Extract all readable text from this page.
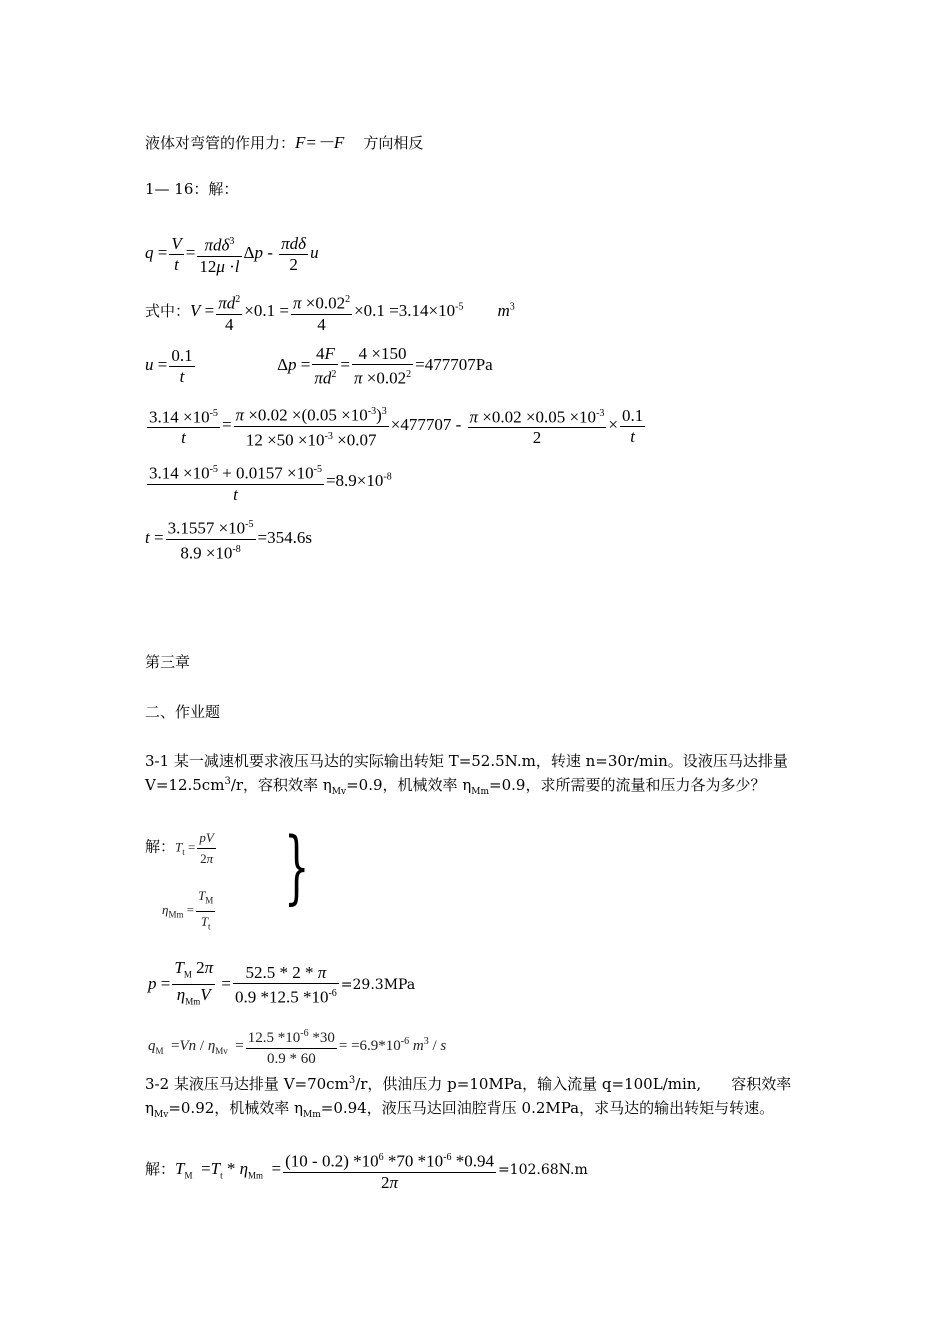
液体对弯管的作用力：F=－F 方向相反
1— 16：解：
$q = \frac{V}{t} = \frac{\pi d\delta^3}{12\mu \cdot l}$ Δp - $\frac{\text{πdδ}}{2}$ u
式中：$V = \frac{\pi d^2}{4} \times 0.1 = \frac{\pi \times 0.02^2}{4} \times 0.1 =3.14\times 10^{-5}$ $m^3$
$u = \frac{0.1}{t}$	$\Delta p = \frac{4F}{\pi d^2} = \frac{4 \times 150}{\pi \times 0.02^2} =477707Pa$
$\frac{3.14 \times 10^{-5}}{t} = \frac{\pi \times 0.02 \times(0.05 \times 10^{-3})^3}{12 \times 50 \times 10^{-3} \times 0.07} \times 477707 - \frac{\pi \times 0.02 \times 0.05 \times 10^{-3}}{2} \times \frac{0.1}{t}$
$\frac{3.14 \times 10^{-5} + 0.0157 \times 10^{-5}}{t} =8.9\times 10^{-8}$
$t = \frac{3.1557 \times 10^{-5}}{8.9 \times 10^{-8}} =354.6s$
第三章
二、作业题
3-1 某一减速机要求液压马达的实际输出转矩 T=52.5N.m，转速 n=30r/min。设液压马达排量
$V=12.5cm^3/r$，容积效率 $\eta_{Mv}=0.9$，机械效率 $\eta_{Mm}=0.9$，求所需要的流量和压力各为多少？
解：$T_t = \frac{pV}{2\pi}$
$\eta_{Mm} = \frac{T_M}{T_t}$ }
$p = \frac{T_M 2\pi}{\eta_{Mm}V} = \frac{52.5 * 2 * \pi}{0.9 *12.5 *10^{-6}} =29.3MPa$
$q_M =Vn / \eta_{Mv} = \frac{12.5 *10^{-6} *30}{0.9 * 60} = =6.9*10^{-6}$ $m^3$ / s
3-2 某液压马达排量 $V=70cm^3/r$，供油压力 p=10MPa，输入流量 q=100L/min,　　容积效率
$\eta_{Mv}=0.92$，机械效率 $\eta_{Mm}=0.94$，液压马达回油腔背压 0.2MPa，求马达的输出转矩与转速。
解：$T_M =T_t * \eta_{Mm} = \frac{(10 - 0.2) *10^6 *70 *10^{-6} *0.94}{2\pi} =102.68N.m$
